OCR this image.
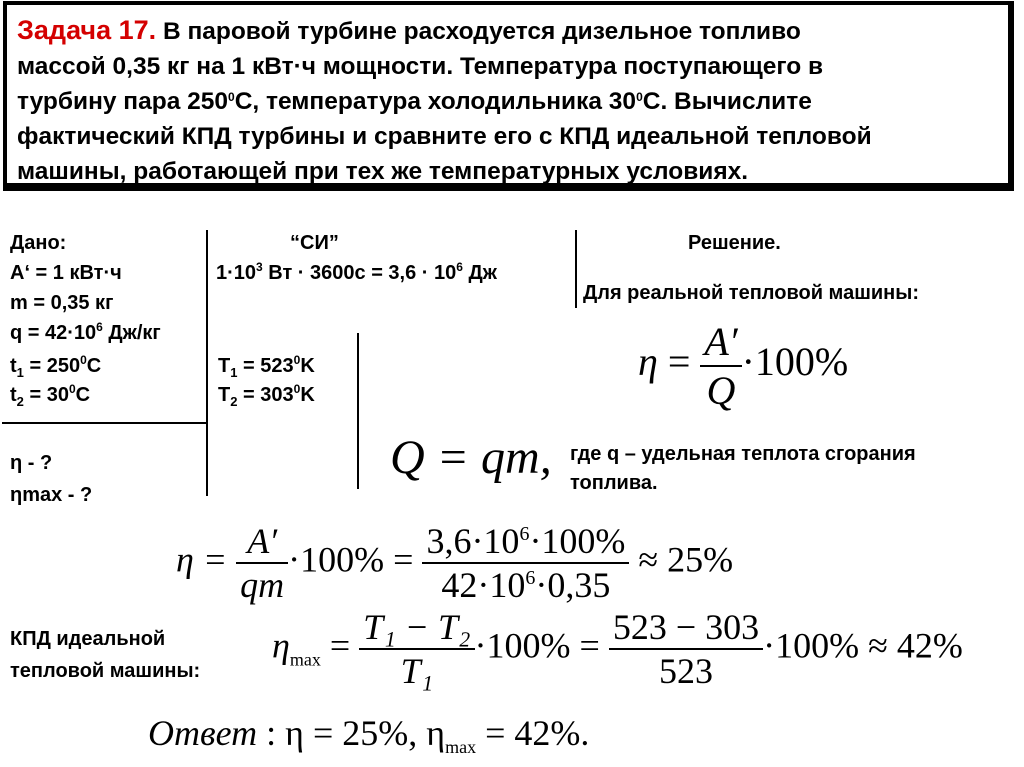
Задача 17. В паровой турбине расходуется дизельное топливо
массой 0,35 кг на 1 кВт·ч мощности. Температура поступающего в
турбину пара $250^0С$, температура холодильника $30^0С$. Вычислите
фактический КПД турбины и сравните его с КПД идеальной тепловой
машины, работающей при тех же температурных условиях.
Дано:
A‘ = 1 кВт·ч
m = 0,35 кг
$q = 42\cdot 10^6$ Дж/кг
$t_1 = 250^0C$
$t_2 = 30^0C$
η - ?
ηmax - ?
“СИ”
$1\cdot 10^3$ Вт · $3600с = 3,6 \cdot 10^6$ Дж
$T_1 = 523^0K$
$T_2 = 303^0K$
Решение.
Для реальной тепловой машины:
$\eta = \frac{A'}{Q} \cdot 100\%$
Q = qm, где q – удельная теплота сгорания
топлива.
$\eta = \frac{A'}{qm} \cdot 100\% = \frac{3,6\cdot 10^6\cdot 100\%}{42\cdot 10^6\cdot 0,35} \approx 25\%$
КПД идеальной
тепловой машины:
$\eta_{max} = \frac{\text{T₁ − T₂}}{\text{T₁}} \cdot 100\% = \frac{523 - 303}{523} \cdot 100\% \approx 42\%$
Ответ : η = 25%, $\eta_{max} = 42\%$.
